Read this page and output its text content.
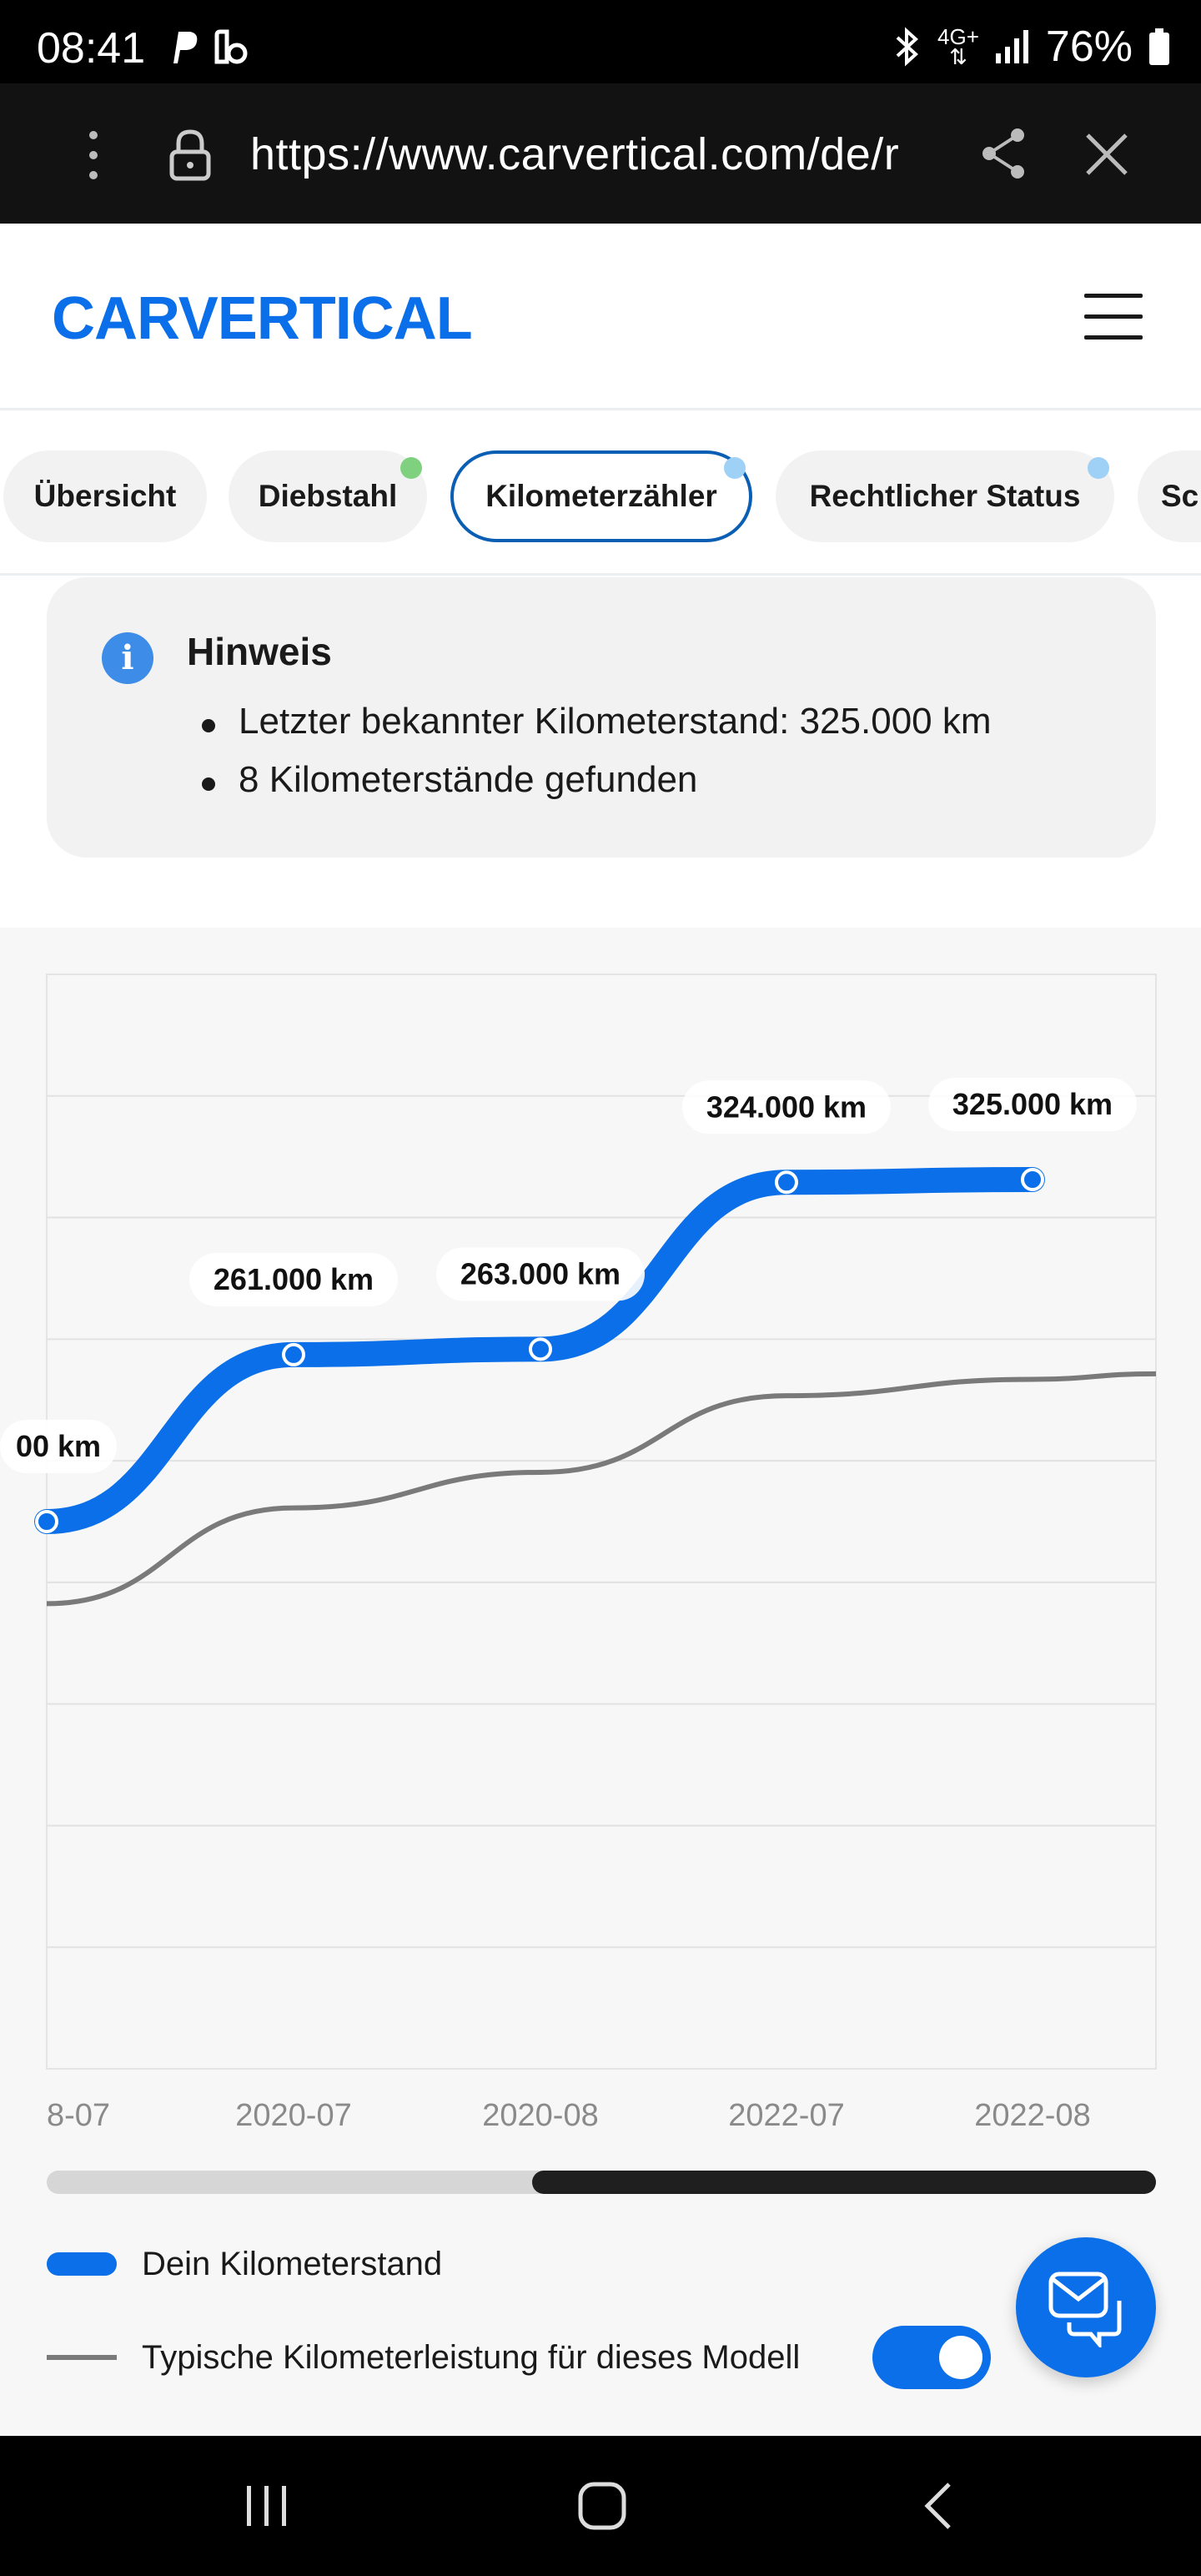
08:41	4G+
⇅ 76%
https://www.carvertical.com/de/r
CARVERTICAL
Übersicht	Diebstahl	Kilometerzähler	Rechtlicher Status	Sc
i	Hinweis
Letzter bekannter Kilometerstand: 325.000 km
8 Kilometerstände gefunden
00 km
261.000 km	263.000 km
324.000 km	325.000 km
8-07	2020-07	2020-08	2022-07	2022-08
Dein Kilometerstand
Typische Kilometerleistung für dieses Modell
